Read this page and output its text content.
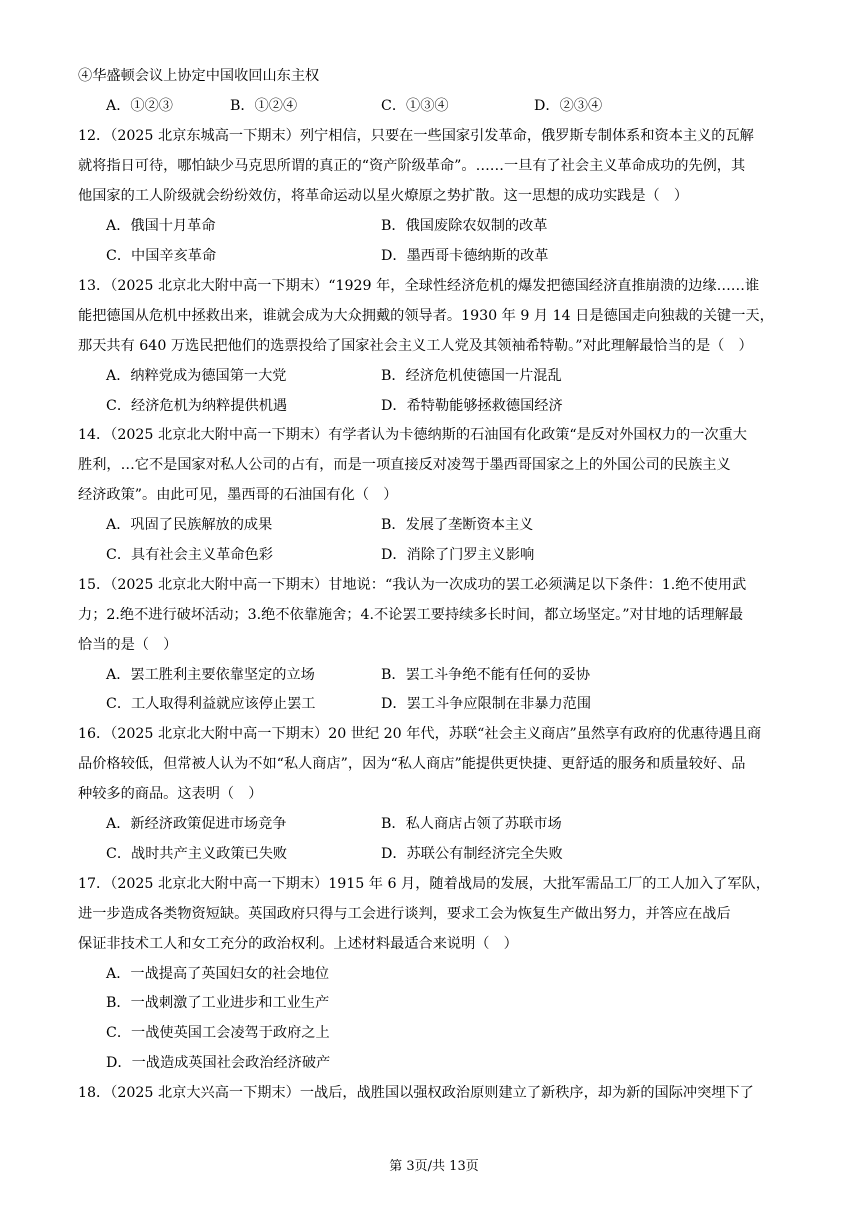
④华盛顿会议上协定中国收回山东主权
A．①②③	B．①②④	C．①③④	D．②③④
12．（2025 北京东城高一下期末）列宁相信，只要在一些国家引发革命，俄罗斯专制体系和资本主义的瓦解
就将指日可待，哪怕缺少马克思所谓的真正的“资产阶级革命”。……一旦有了社会主义革命成功的先例，其
他国家的工人阶级就会纷纷效仿，将革命运动以星火燎原之势扩散。这一思想的成功实践是（　）
A．俄国十月革命	B．俄国废除农奴制的改革
C．中国辛亥革命	D．墨西哥卡德纳斯的改革
13．（2025 北京北大附中高一下期末）“1929 年，全球性经济危机的爆发把德国经济直推崩溃的边缘……谁
能把德国从危机中拯救出来，谁就会成为大众拥戴的领导者。1930 年 9 月 14 日是德国走向独裁的关键一天，
那天共有 640 万选民把他们的选票投给了国家社会主义工人党及其领袖希特勒。”对此理解最恰当的是（　）
A．纳粹党成为德国第一大党	B．经济危机使德国一片混乱
C．经济危机为纳粹提供机遇	D．希特勒能够拯救德国经济
14．（2025 北京北大附中高一下期末）有学者认为卡德纳斯的石油国有化政策“是反对外国权力的一次重大
胜利，…它不是国家对私人公司的占有，而是一项直接反对凌驾于墨西哥国家之上的外国公司的民族主义
经济政策”。由此可见，墨西哥的石油国有化（　）
A．巩固了民族解放的成果	B．发展了垄断资本主义
C．具有社会主义革命色彩	D．消除了门罗主义影响
15．（2025 北京北大附中高一下期末）甘地说：“我认为一次成功的罢工必须满足以下条件：1.绝不使用武
力；2.绝不进行破坏活动；3.绝不依靠施舍；4.不论罢工要持续多长时间，都立场坚定。”对甘地的话理解最
恰当的是（　）
A．罢工胜利主要依靠坚定的立场	B．罢工斗争绝不能有任何的妥协
C．工人取得利益就应该停止罢工	D．罢工斗争应限制在非暴力范围
16．（2025 北京北大附中高一下期末）20 世纪 20 年代，苏联“社会主义商店”虽然享有政府的优惠待遇且商
品价格较低，但常被人认为不如“私人商店”，因为“私人商店”能提供更快捷、更舒适的服务和质量较好、品
种较多的商品。这表明（　）
A．新经济政策促进市场竞争	B．私人商店占领了苏联市场
C．战时共产主义政策已失败	D．苏联公有制经济完全失败
17．（2025 北京北大附中高一下期末）1915 年 6 月，随着战局的发展，大批军需品工厂的工人加入了军队，
进一步造成各类物资短缺。英国政府只得与工会进行谈判，要求工会为恢复生产做出努力，并答应在战后
保证非技术工人和女工充分的政治权利。上述材料最适合来说明（　）
A．一战提高了英国妇女的社会地位
B．一战刺激了工业进步和工业生产
C．一战使英国工会凌驾于政府之上
D．一战造成英国社会政治经济破产
18．（2025 北京大兴高一下期末）一战后，战胜国以强权政治原则建立了新秩序，却为新的国际冲突埋下了
第 3页/共 13页
